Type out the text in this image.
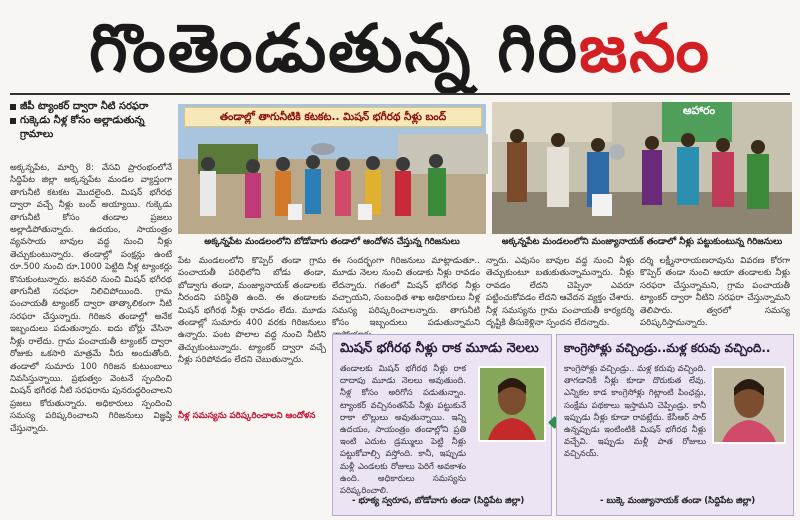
గొంతెండుతున్న గిరి జనం
జీపీ ట్యాంకర్ ద్వారా నీటి సరఫరా
గుక్కెడు నీళ్ల కోసం అల్లాడుతున్న గ్రామాలు

అక్కన్నపేట, మార్చి 8: వేసవి ప్రారంభంలోనే సిద్దిపేట జిల్లా అక్కన్నపేట మండల వ్యాప్తంగా తాగునీటి కటకట మొదలైంది. మిషన్ భగీరథ ద్వారా వచ్చే నీళ్లు బంద్ అయ్యాయి. గుక్కెడు తాగునీటి కోసం తండాల ప్రజలు అల్లాడిపోతున్నారు. ఉదయం, సాయంత్రం వ్యవసాయ బావుల వద్ద నుంచి నీళ్లు తెచ్చుకుంటున్నారు. తండాల్లో పంక్షన్లు ఉంటే రూ.500 నుంచి రూ.1000 పెట్టిది నీళ్ల ట్యాంకర్లు కొనుకుంటున్నారు. జనవరి నుంచి మిషన్ భగీరథ తాగునీటి సరఫరా నిలిచిపోయింది. గ్రామ పంచాయతీ ట్యాంకర్ ద్వారా తాత్కాలికంగా నీటి సరఫరా చేస్తున్నారు. గిరిజన తండాల్లో అనేక ఇబ్బందులు పడుతున్నారు. ఐదు బోర్లు వేసినా నీళ్లు రాలేదు. గ్రామ పంచాయతీ ట్యాంకర్ ద్వారా రోజుకు ఒకసారి మాత్రమే నీరు అందుతోంది. తండాలో సుమారు 100 గిరిజన కుటుంబాలు నివసిస్తున్నాయి. ప్రభుత్వం వెంటనే స్పందించి మిషన్ భగీరథ నీటి సరఫరాను పునరుద్ధరించాలని ప్రజలు కోరుతున్నారు. అధికారులు స్పందించి సమస్య పరిష్కరించాలని గిరిజనులు విజ్ఞప్తి చేస్తున్నారు.

తండాల్లో తాగునీటికి కటకట.. మిషన్ భగీరథ నీళ్లు బంద్
అక్కన్నపేట మండలంలోని బోడోవాగు తండాలో ఆందోళన చేస్తున్న గిరిజనులు
ఆహారం
అక్కన్నపేట మండలంలోని మంజ్యానాయక్ తండాలో నీళ్లు పట్టుకుంటున్న గిరిజనులు

పేట మండలంలోని కొప్పెర్ తండా గ్రామ పంచాయతీ పరిధిలోని బోడు తండా, బోడ్వాగు తండా, మంజ్యానాయక్ తండాలకు నీరందని పరిస్థితి ఉంది. ఈ తండాలకు మిషన్ భగీరథ నీళ్లు రావడం లేదు. మూడు తండాల్లో సుమారు 400 వరకు గిరిజనులు ఉన్నారు. పంట పొలాల వద్ద నుంచి నీటిని తెచ్చుకుంటున్నారు. ట్యాంకర్ ద్వారా వచ్చే నీళ్లు సరిపోవడం లేదని చెబుతున్నారు.

ఈ సందర్భంగా గిరిజనులు మాట్లాడుతూ.. మూడు నెలల నుంచి తండాకు నీళ్లు రావడం లేదన్నారు. గతంలో మిషన్ భగీరథ నీళ్లు వచ్చాయని, సంబంధిత శాఖ అధికారులు నీళ్ల సమస్య పరిష్కరించాలన్నారు. తాగునీటి కోసం ఇబ్బందులు పడుతున్నామని

న్నారు. ఎవుసం బావుల వద్ద నుంచి నీళ్లు తెచ్చుకుంటూ బతుకుతున్నామన్నారు. నీళ్లు రావడం లేదని చెప్పినా ఎవరూ పట్టించుకోవడం లేదని ఆవేదన వ్యక్తం చేశారు. నీళ్ల సమస్యను గ్రామ పంచాయతీ కార్యదర్శి దృష్టికి తీసుకెళ్లినా స్పందన లేదన్నారు.

దర్శి లక్ష్మీనారాయణరావును వివరణ కోరగా కొప్పెర్ తండా నుంచి ఆయా తండాలకు నీళ్లు సరఫరా చేస్తున్నామని, గ్రామ పంచాయతీ ట్యాంకర్ ద్వారా నీటిని సరఫరా చేస్తున్నామని తెలిపారు. త్వరలో సమస్య పరిష్కరిస్తామన్నారు.

నీళ్ల సమస్యను పరిష్కరించాలని ఆందోళన
మిషన్ భగీరథ నీళ్లు రాక మూడు నెలలు
తండాలకు మిషన్ భగీరథ నీళ్లు రాక దాదాపు మూడు నెలలు అవుతుంది. నీళ్ల కోసం అరిగోస పడుతున్నాం. ట్యాంకర్ వచ్చినంతసేపే నీళ్లు పట్టుకునే రాకా లొల్లులు అవుతున్నాయి. ఇన్ని ఉదయం, సాయంత్రం తండాల్లోని ప్రతి ఇంటి ఎదుట డ్రమ్ములు పెట్టి నీళ్లు పట్టుకోవాల్సి వస్తోంది. కానీ, ఇప్పుడు మళ్లీ ఎండలకు రోజులు పెరిగే అవకాశం ఉంది. అధికారులు సమస్యను పరిష్కరించాలి.
- భూక్య స్వరూప, బోడోవాగు తండా (సిద్దిపేట జిల్లా)
కాంగ్రెసోళ్లు వచ్చిండ్రు..మళ్ల కరువు వచ్చింది..
కాంగ్రెసోళ్లు వచ్చిండ్రు.. మళ్ల కరువు వచ్చింది. తాగడానికి నీళ్లు కూడా దొరుకుత లేవు. ఎన్నికల కాడ కాంగ్రెసోళ్లు గిట్లాంటి పింఛన్లు, సంక్షేమ పథకాలు ఇస్తామని చెప్పిండ్రు. కానీ ఇప్పుడు నీళ్లు కూడా రావట్లేదు. కేసీఆర్ సార్ ఉన్నప్పుడు ఇంటింటికి మిషన్ భగీరథ నీళ్లు వచ్చేవి. ఇప్పుడు మళ్లీ పాత రోజులు వచ్చినయ్.
- బుక్కె మంజ్యానాయక్ తండా (సిద్దిపేట జిల్లా)
